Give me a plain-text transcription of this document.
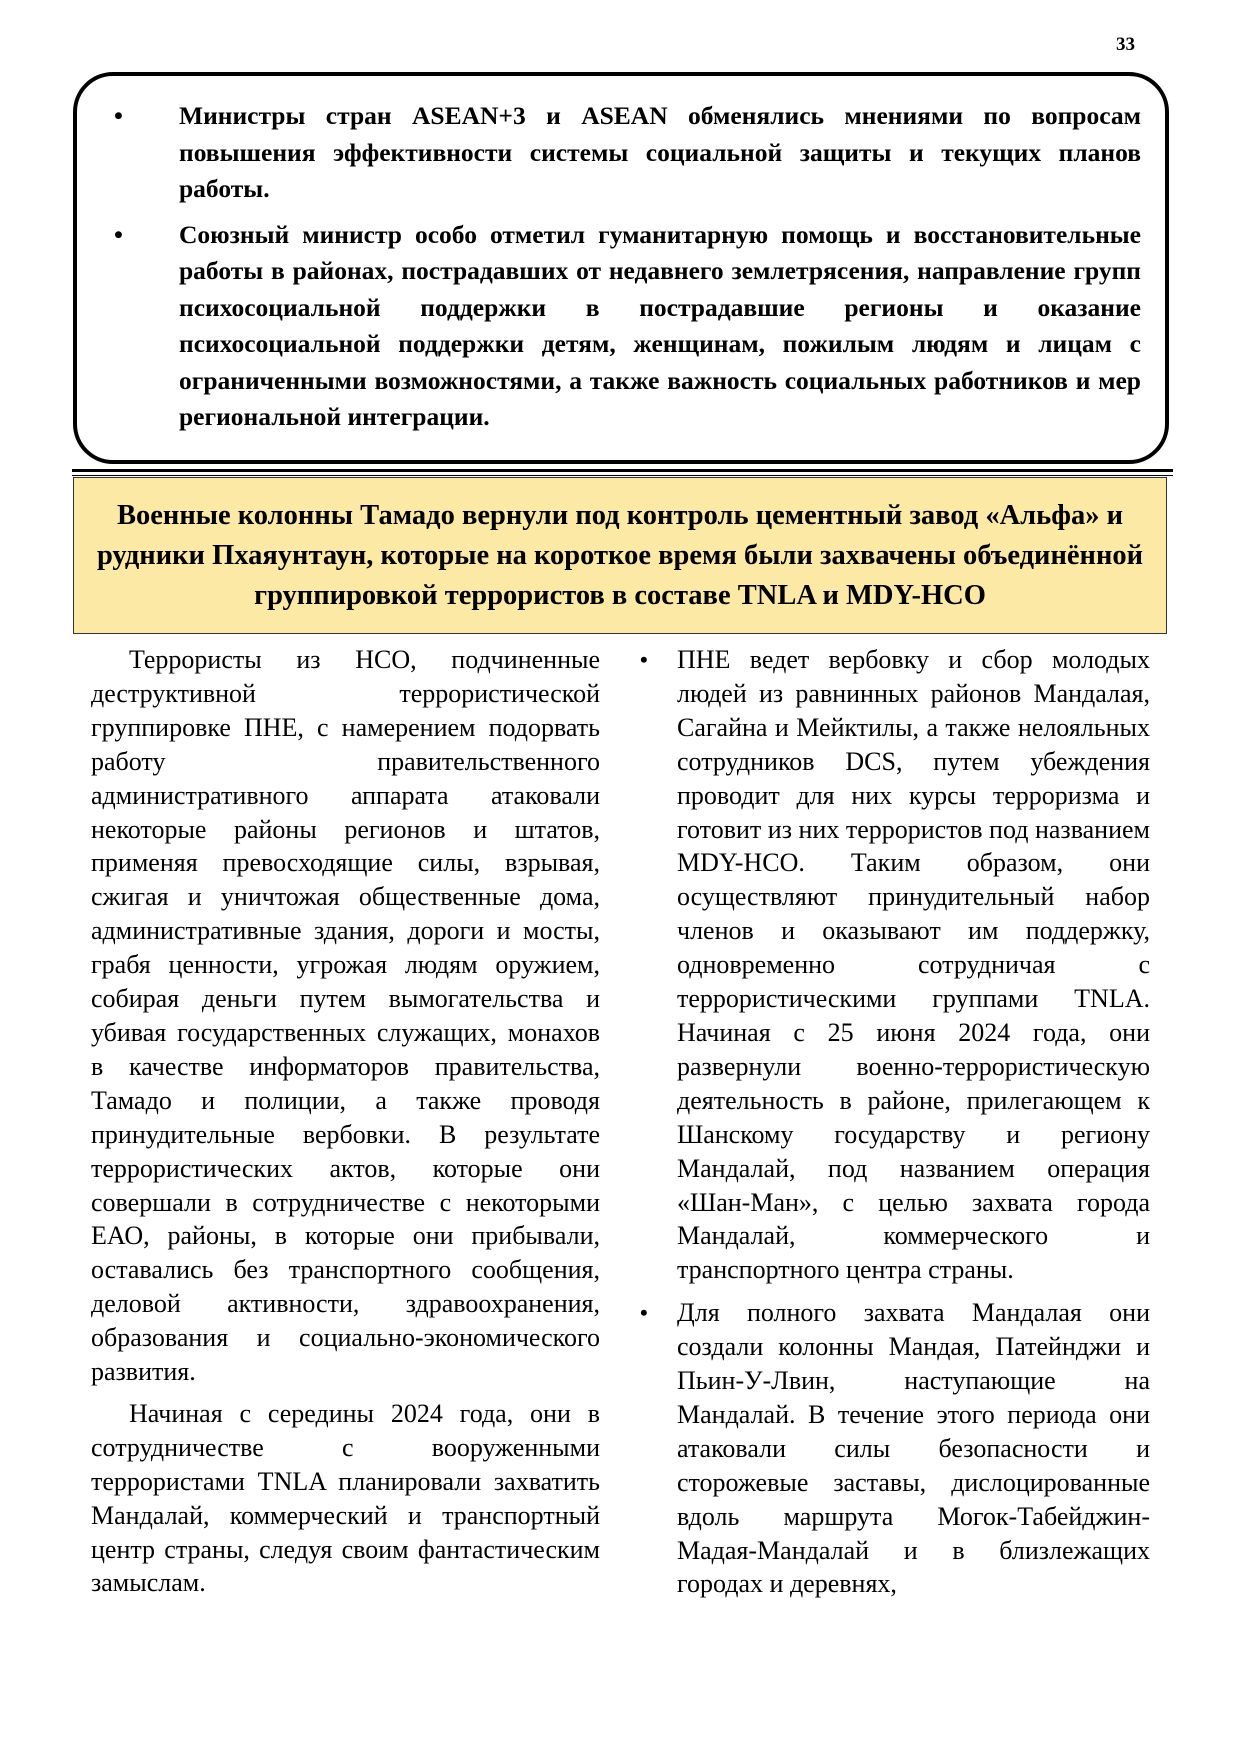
33
• Министры стран ASEAN+3 и ASEAN обменялись мнениями по вопросам повышения эффективности системы социальной защиты и текущих планов работы.
• Союзный министр особо отметил гуманитарную помощь и восстановительные работы в районах, пострадавших от недавнего землетрясения, направление групп психосоциальной поддержки в пострадавшие регионы и оказание психосоциальной поддержки детям, женщинам, пожилым людям и лицам с ограниченными возможностями, а также важность социальных работников и мер региональной интеграции.
Военные колонны Тамадо вернули под контроль цементный завод «Альфа» и рудники Пхаяунтаун, которые на короткое время были захвачены объединённой группировкой террористов в составе TNLA и MDY-HCO

Террористы из НСО, подчиненные деструктивной террористической группировке ПНЕ, с намерением подорвать работу правительственного административного аппарата атаковали некоторые районы регионов и штатов, применяя превосходящие силы, взрывая, сжигая и уничтожая общественные дома, административные здания, дороги и мосты, грабя ценности, угрожая людям оружием, собирая деньги путем вымогательства и убивая государственных служащих, монахов в качестве информаторов правительства, Тамадо и полиции, а также проводя принудительные вербовки. В результате террористических актов, которые они совершали в сотрудничестве с некоторыми ЕАО, районы, в которые они прибывали, оставались без транспортного сообщения, деловой активности, здравоохранения, образования и социально-экономического развития.

Начиная с середины 2024 года, они в сотрудничестве с вооруженными террористами TNLA планировали захватить Мандалай, коммерческий и транспортный центр страны, следуя своим фантастическим замыслам.

• ПНЕ ведет вербовку и сбор молодых людей из равнинных районов Мандалая, Сагайна и Мейктилы, а также нелояльных сотрудников DCS, путем убеждения проводит для них курсы терроризма и готовит из них террористов под названием MDY-HCO. Таким образом, они осуществляют принудительный набор членов и оказывают им поддержку, одновременно сотрудничая с террористическими группами TNLA. Начиная с 25 июня 2024 года, они развернули военно-террористическую деятельность в районе, прилегающем к Шанскому государству и региону Мандалай, под названием операция «Шан-Ман», с целью захвата города Мандалай, коммерческого и транспортного центра страны.
• Для полного захвата Мандалая они создали колонны Мандая, Патейнджи и Пьин-У-Лвин, наступающие на Мандалай. В течение этого периода они атаковали силы безопасности и сторожевые заставы, дислоцированные вдоль маршрута Могок-Табейджин-Мадая-Мандалай и в близлежащих городах и деревнях,
